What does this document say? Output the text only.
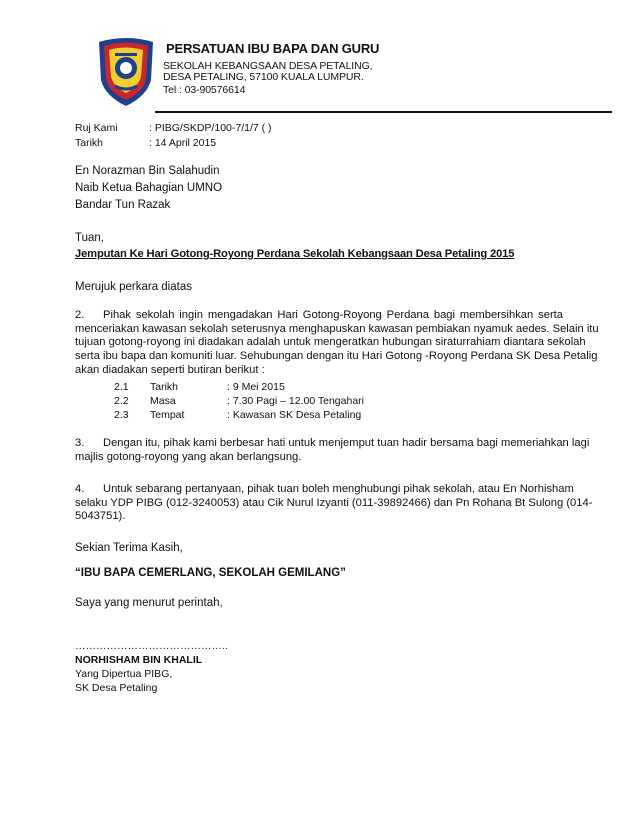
PERSATUAN IBU BAPA DAN GURU
SEKOLAH KEBANGSAAN DESA PETALING,
DESA PETALING, 57100 KUALA LUMPUR.
Tel : 03-90576614
Ruj Kami	: PIBG/SKDP/100-7/1/7 ( )
Tarikh	: 14 April 2015
En Norazman Bin Salahudin
Naib Ketua Bahagian UMNO
Bandar Tun Razak
Tuan,
Jemputan Ke Hari Gotong-Royong Perdana Sekolah Kebangsaan Desa Petaling 2015
Merujuk perkara diatas
2. Pihak sekolah ingin mengadakan Hari Gotong-Royong Perdana bagi membersihkan serta
menceriakan kawasan sekolah seterusnya menghapuskan kawasan pembiakan nyamuk aedes. Selain itu
tujuan gotong-royong ini diadakan adalah untuk mengeratkan hubungan siraturrahiam diantara sekolah
serta ibu bapa dan komuniti luar. Sehubungan dengan itu Hari Gotong -Royong Perdana SK Desa Petalig
akan diadakan seperti butiran berikut :
2.1 Tarikh	: 9 Mei 2015
2.2 Masa	: 7.30 Pagi – 12.00 Tengahari
2.3 Tempat	: Kawasan SK Desa Petaling
3. Dengan itu, pihak kami berbesar hati untuk menjemput tuan hadir bersama bagi memeriahkan lagi
majlis gotong-royong yang akan berlangsung.
4. Untuk sebarang pertanyaan, pihak tuan boleh menghubungi pihak sekolah, atau En Norhisham
selaku YDP PIBG (012-3240053) atau Cik Nurul Izyanti (011-39892466) dan Pn Rohana Bt Sulong (014-
5043751).
Sekian Terima Kasih,
“IBU BAPA CEMERLANG, SEKOLAH GEMILANG”
Saya yang menurut perintah,
……………………………………..
NORHISHAM BIN KHALIL
Yang Dipertua PIBG,
SK Desa Petaling
